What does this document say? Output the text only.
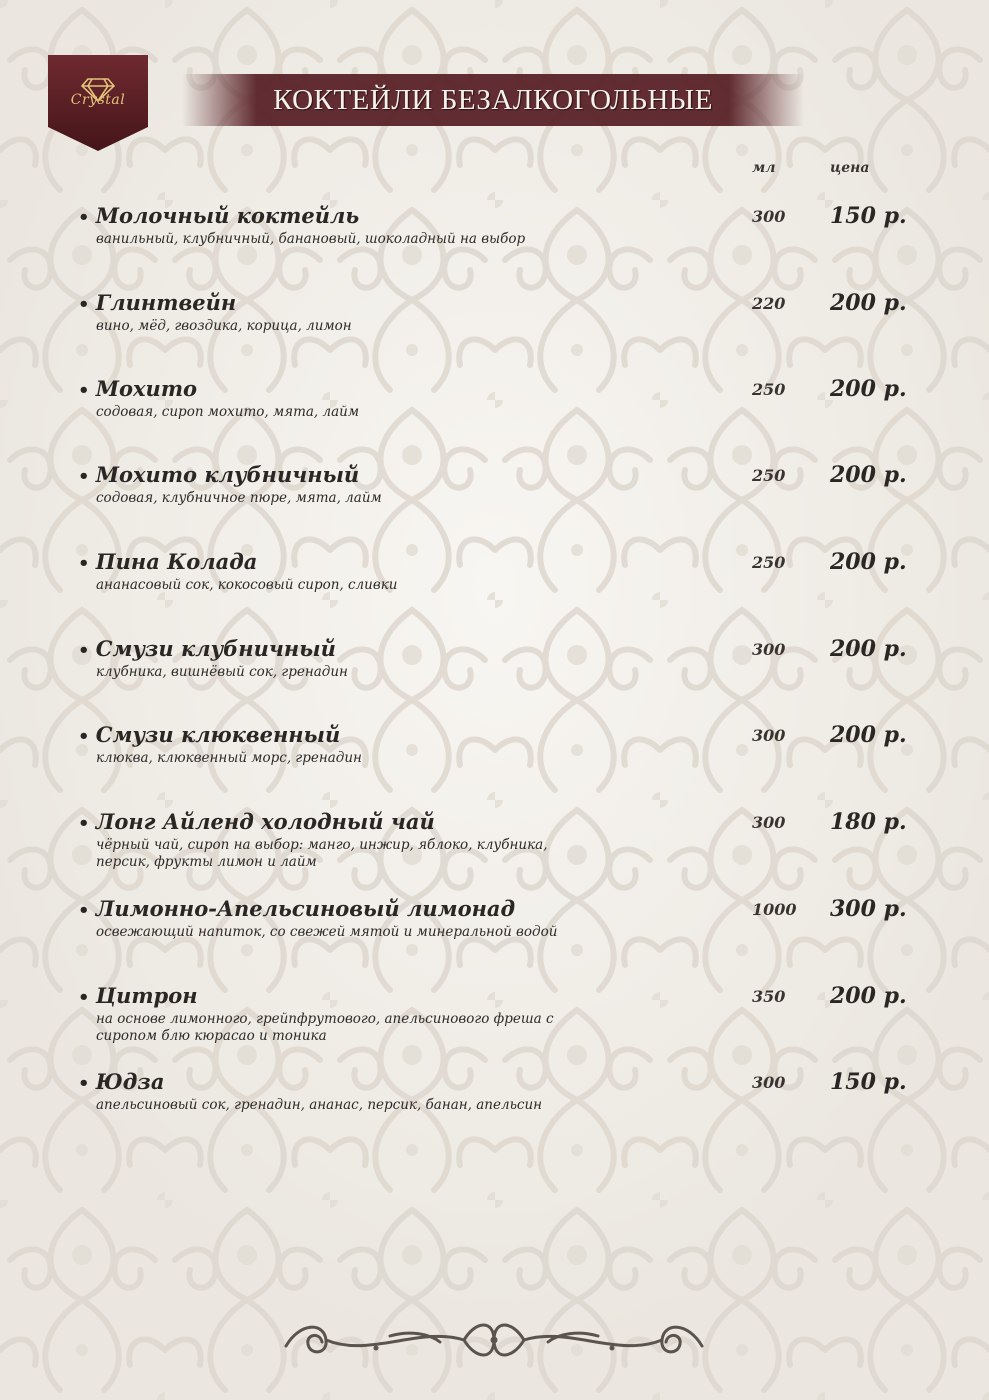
Crystal	КОКТЕЙЛИ БЕЗАЛКОГОЛЬНЫЕ
мл	цена
• Молочный коктейль
ванильный, клубничный, банановый, шоколадный на выбор
300 150 р.
• Глинтвейн
вино, мёд, гвоздика, корица, лимон
220 200 р.
• Мохито
содовая, сироп мохито, мята, лайм
250 200 р.
• Мохито клубничный
содовая, клубничное пюре, мята, лайм
250 200 р.
• Пина Колада
ананасовый сок, кокосовый сироп, сливки
250 200 р.
• Смузи клубничный
клубника, вишнёвый сок, гренадин
300 200 р.
• Смузи клюквенный
клюква, клюквенный морс, гренадин
300 200 р.
• Лонг Айленд холодный чай
чёрный чай, сироп на выбор: манго, инжир, яблоко, клубника, персик, фрукты лимон и лайм
300 180 р.
• Лимонно-Апельсиновый лимонад
освежающий напиток, со свежей мятой и минеральной водой
1000 300 р.
• Цитрон
на основе лимонного, грейпфрутового, апельсинового фреша с сиропом блю кюрасао и тоника
350 200 р.
• Юдза
апельсиновый сок, гренадин, ананас, персик, банан, апельсин
300 150 р.
